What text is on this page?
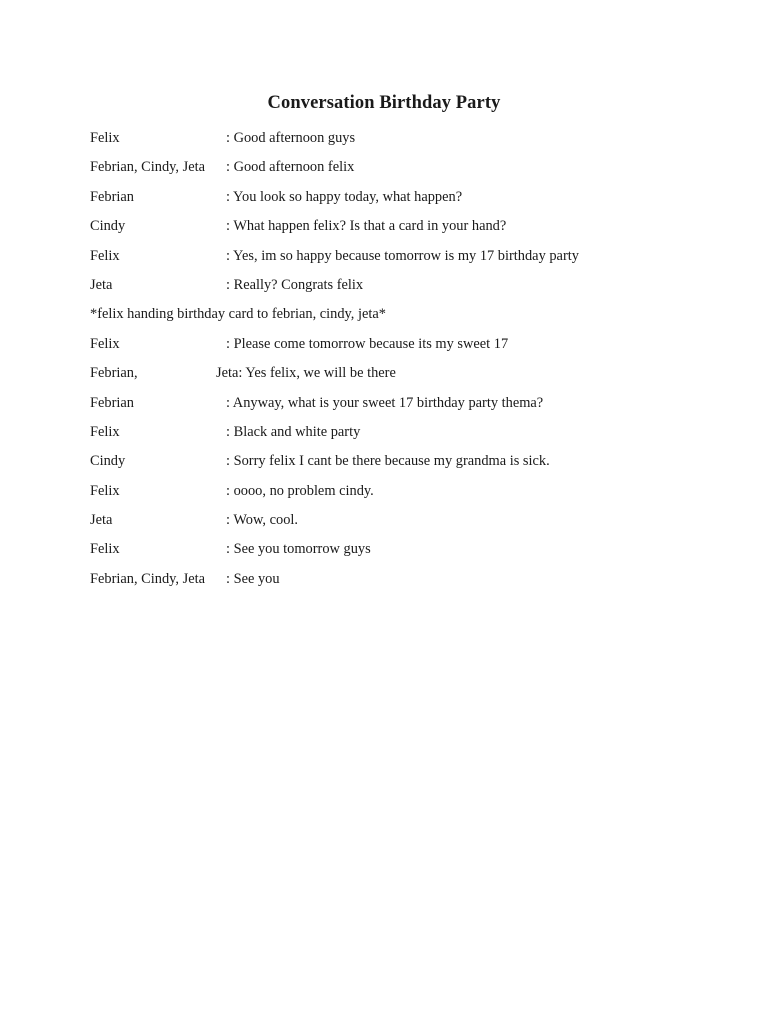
Conversation Birthday Party
Felix	: Good afternoon guys
Febrian, Cindy, Jeta : Good afternoon felix
Febrian	: You look so happy today, what happen?
Cindy	: What happen felix? Is that a card in your hand?
Felix	: Yes, im so happy because tomorrow is my 17 birthday party
Jeta	: Really? Congrats felix
*felix handing birthday card to febrian, cindy, jeta*
Felix	: Please come tomorrow because its my sweet 17
Febrian,	Jeta: Yes felix, we will be there
Febrian	: Anyway, what is your sweet 17 birthday party thema?
Felix	: Black and white party
Cindy	: Sorry felix I cant be there because my grandma is sick.
Felix	: oooo, no problem cindy.
Jeta	: Wow, cool.
Felix	: See you tomorrow guys
Febrian, Cindy, Jeta : See you
